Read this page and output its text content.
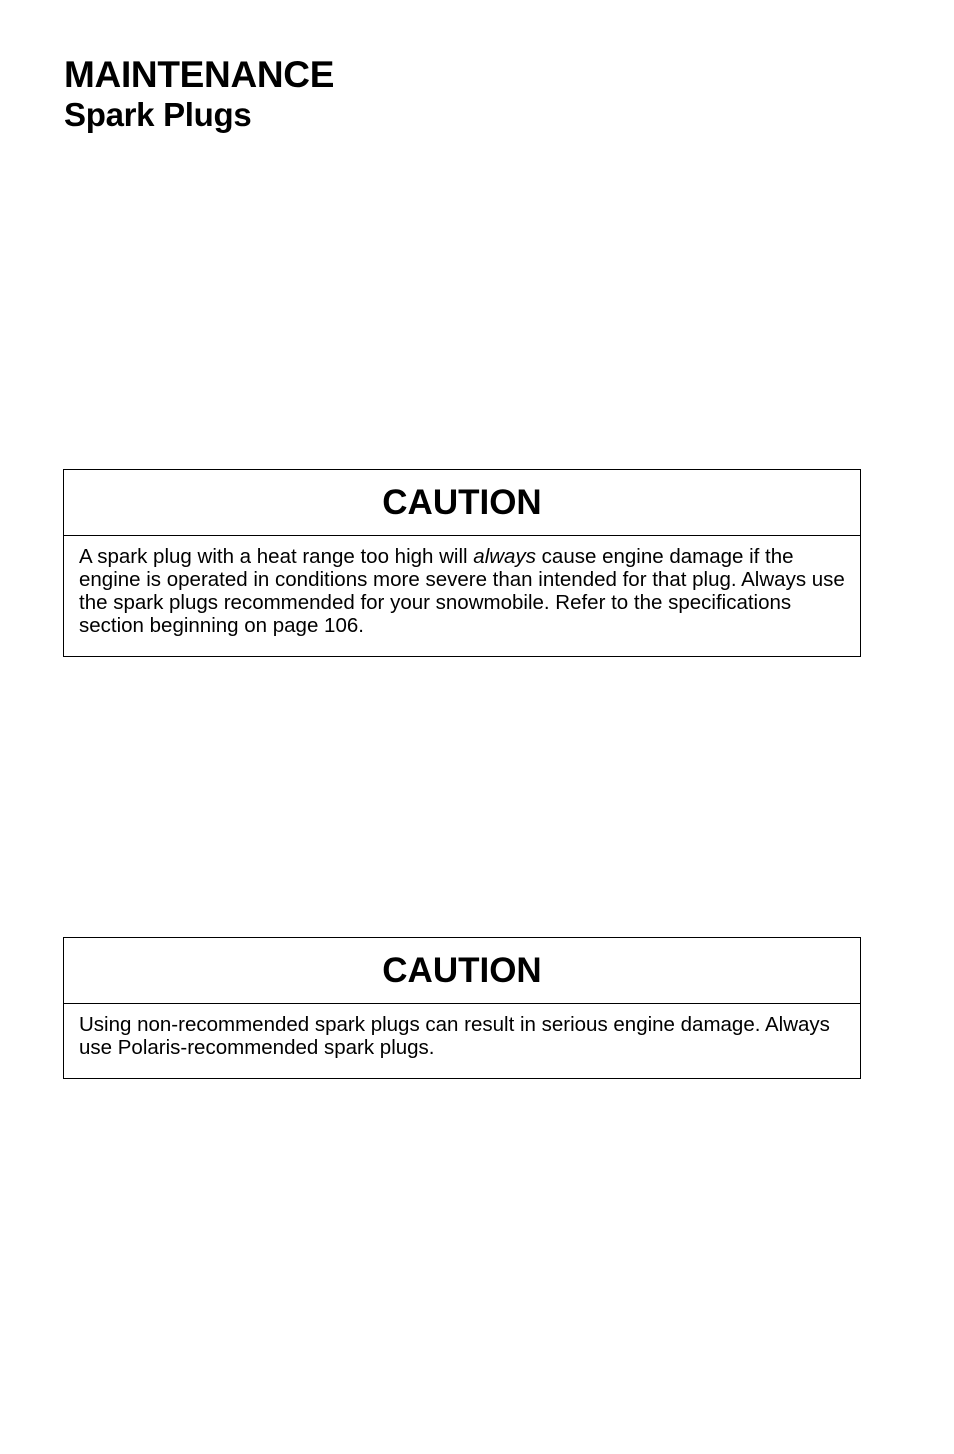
MAINTENANCE
Spark Plugs
CAUTION

A spark plug with a heat range too high will always cause engine damage if the engine is operated in conditions more severe than intended for that plug. Always use the spark plugs recommended for your snowmobile. Refer to the specifications section beginning on page 106.

CAUTION

Using non-recommended spark plugs can result in serious engine damage. Always use Polaris-recommended spark plugs.
